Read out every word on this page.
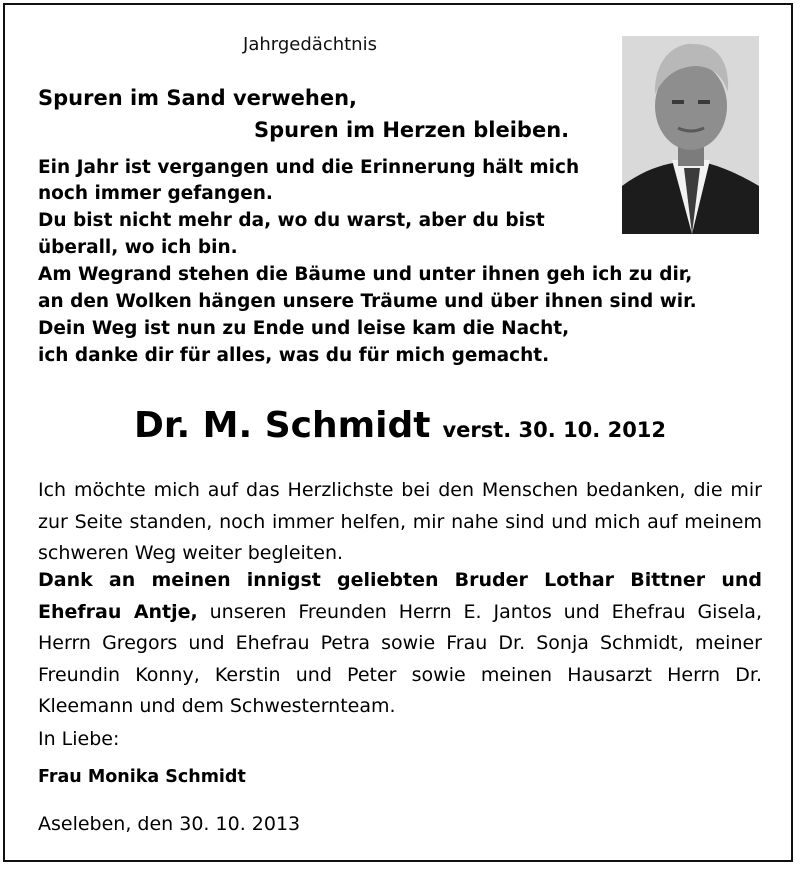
Jahrgedächtnis
Spuren im Sand verwehen,
Spuren im Herzen bleiben.
Ein Jahr ist vergangen und die Erinnerung hält mich
noch immer gefangen.
Du bist nicht mehr da, wo du warst, aber du bist
überall, wo ich bin.
Am Wegrand stehen die Bäume und unter ihnen geh ich zu dir,
an den Wolken hängen unsere Träume und über ihnen sind wir.
Dein Weg ist nun zu Ende und leise kam die Nacht,
ich danke dir für alles, was du für mich gemacht.
Dr. M. Schmidt verst. 30. 10. 2012
Ich möchte mich auf das Herzlichste bei den Menschen bedanken, die mir zur Seite standen, noch immer helfen, mir nahe sind und mich auf meinem schweren Weg weiter begleiten.
Dank an meinen innigst geliebten Bruder Lothar Bittner und Ehefrau Antje, unseren Freunden Herrn E. Jantos und Ehefrau Gisela, Herrn Gregors und Ehefrau Petra sowie Frau Dr. Sonja Schmidt, meiner Freundin Konny, Kerstin und Peter sowie meinen Hausarzt Herrn Dr. Kleemann und dem Schwesternteam.
In Liebe:
Frau Monika Schmidt
Aseleben, den 30. 10. 2013
